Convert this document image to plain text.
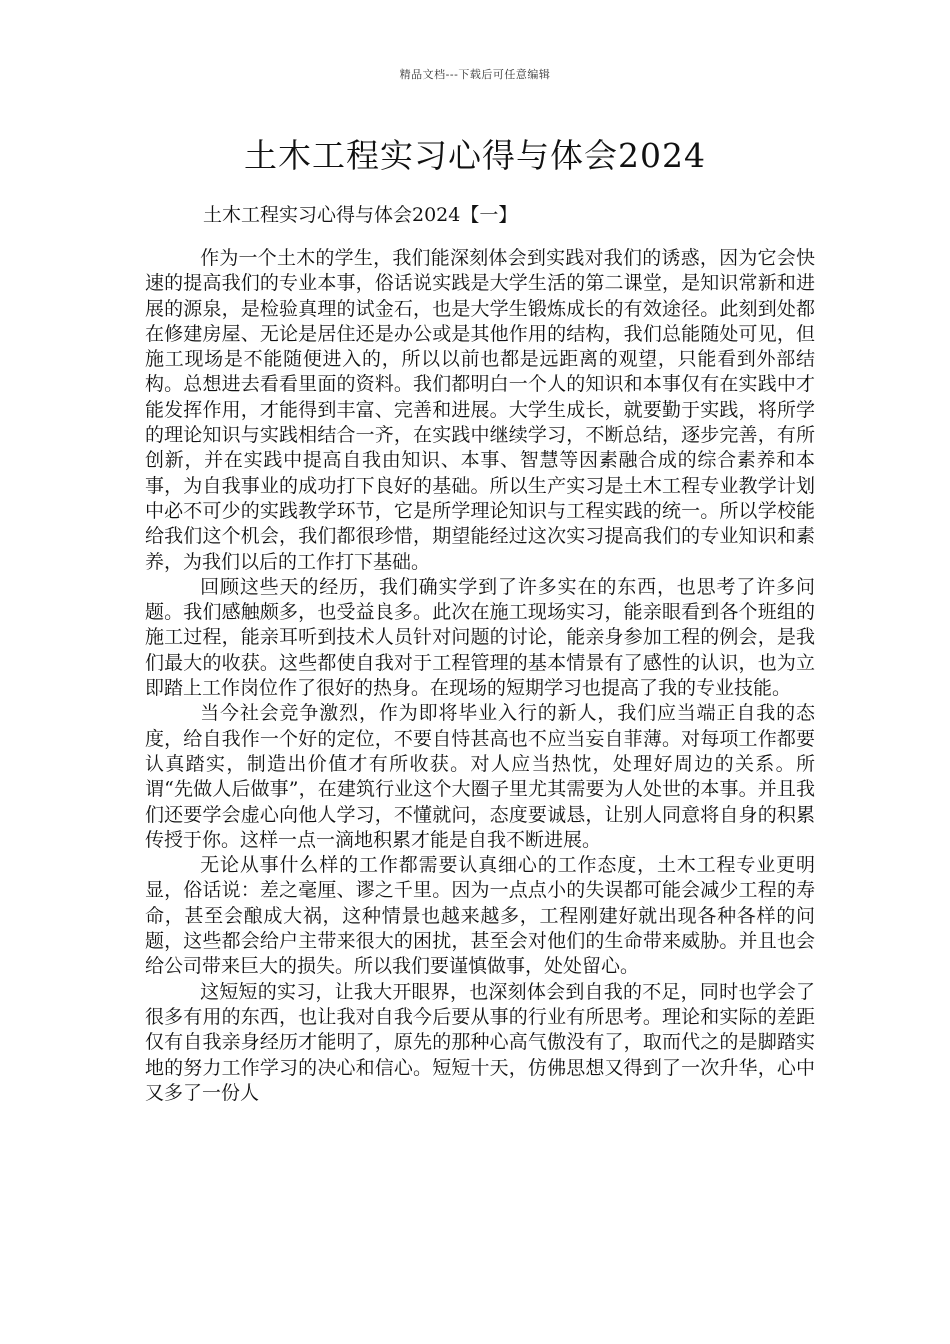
精品文档---下载后可任意编辑
土木工程实习心得与体会2024
土木工程实习心得与体会2024【一】

作为一个土木的学生，我们能深刻体会到实践对我们的诱惑，因为它会快速的提高我们的专业本事，俗话说实践是大学生活的第二课堂，是知识常新和进展的源泉，是检验真理的试金石，也是大学生锻炼成长的有效途径。此刻到处都在修建房屋、无论是居住还是办公或是其他作用的结构，我们总能随处可见，但施工现场是不能随便进入的，所以以前也都是远距离的观望，只能看到外部结构。总想进去看看里面的资料。我们都明白一个人的知识和本事仅有在实践中才能发挥作用，才能得到丰富、完善和进展。大学生成长，就要勤于实践，将所学的理论知识与实践相结合一齐，在实践中继续学习，不断总结，逐步完善，有所创新，并在实践中提高自我由知识、本事、智慧等因素融合成的综合素养和本事，为自我事业的成功打下良好的基础。所以生产实习是土木工程专业教学计划中必不可少的实践教学环节，它是所学理论知识与工程实践的统一。所以学校能给我们这个机会，我们都很珍惜，期望能经过这次实习提高我们的专业知识和素养，为我们以后的工作打下基础。

回顾这些天的经历，我们确实学到了许多实在的东西，也思考了许多问题。我们感触颇多，也受益良多。此次在施工现场实习，能亲眼看到各个班组的施工过程，能亲耳听到技术人员针对问题的讨论，能亲身参加工程的例会，是我们最大的收获。这些都使自我对于工程管理的基本情景有了感性的认识，也为立即踏上工作岗位作了很好的热身。在现场的短期学习也提高了我的专业技能。

当今社会竞争激烈，作为即将毕业入行的新人，我们应当端正自我的态度，给自我作一个好的定位，不要自恃甚高也不应当妄自菲薄。对每项工作都要认真踏实，制造出价值才有所收获。对人应当热忱，处理好周边的关系。所谓“先做人后做事”，在建筑行业这个大圈子里尤其需要为人处世的本事。并且我们还要学会虚心向他人学习，不懂就问，态度要诚恳，让别人同意将自身的积累传授于你。这样一点一滴地积累才能是自我不断进展。

无论从事什么样的工作都需要认真细心的工作态度，土木工程专业更明显，俗话说：差之毫厘、谬之千里。因为一点点小的失误都可能会减少工程的寿命，甚至会酿成大祸，这种情景也越来越多，工程刚建好就出现各种各样的问题，这些都会给户主带来很大的困扰，甚至会对他们的生命带来威胁。并且也会给公司带来巨大的损失。所以我们要谨慎做事，处处留心。

这短短的实习，让我大开眼界，也深刻体会到自我的不足，同时也学会了很多有用的东西，也让我对自我今后要从事的行业有所思考。理论和实际的差距仅有自我亲身经历才能明了，原先的那种心高气傲没有了，取而代之的是脚踏实地的努力工作学习的决心和信心。短短十天，仿佛思想又得到了一次升华，心中又多了一份人
